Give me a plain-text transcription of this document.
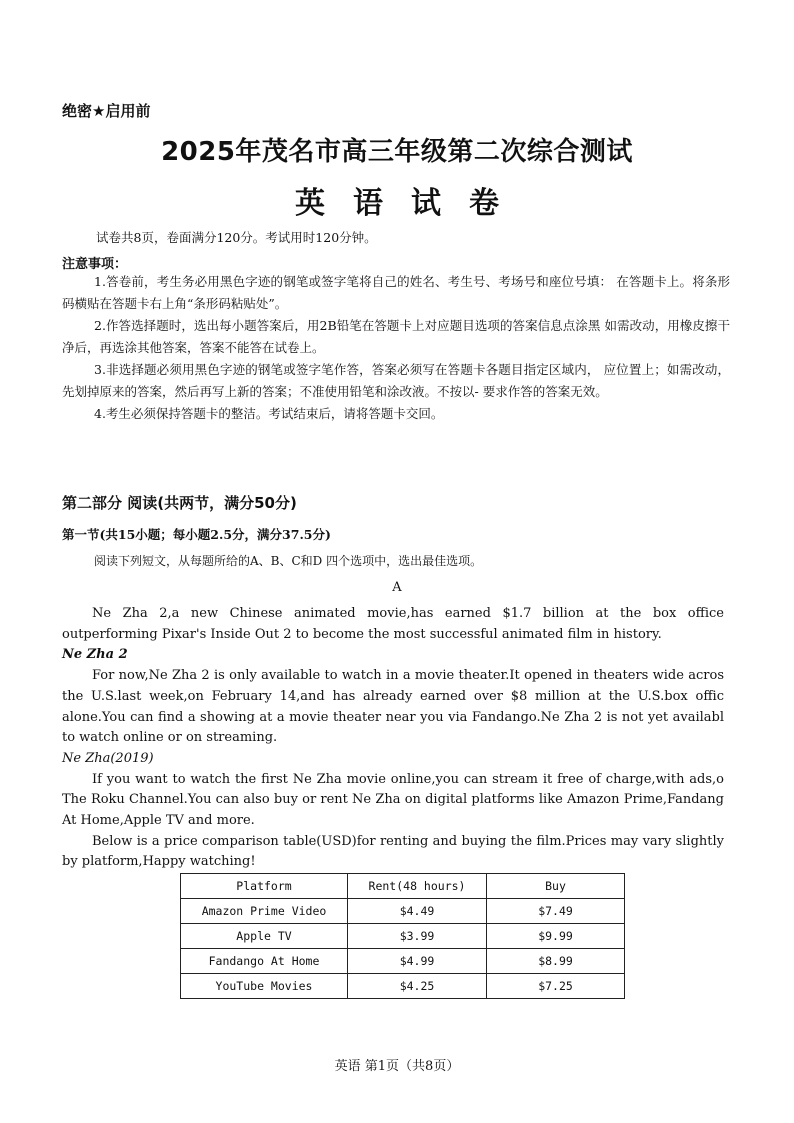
绝密★启用前
2025年茂名市高三年级第二次综合测试
英 语 试 卷
试卷共8页，卷面满分120分。考试用时120分钟。
注意事项：

1.答卷前，考生务必用黑色字迹的钢笔或签字笔将自己的姓名、考生号、考场号和座位号填： 在答题卡上。将条形码横贴在答题卡右上角“条形码粘贴处”。

2.作答选择题时，选出每小题答案后，用2B铅笔在答题卡上对应题目选项的答案信息点涂黑 如需改动，用橡皮擦干净后，再选涂其他答案，答案不能答在试卷上。

3.非选择题必须用黑色字迹的钢笔或签字笔作答，答案必须写在答题卡各题目指定区域内， 应位置上；如需改动，先划掉原来的答案，然后再写上新的答案；不准使用铅笔和涂改液。不按以- 要求作答的答案无效。

4.考生必须保持答题卡的整洁。考试结束后，请将答题卡交回。

第二部分 阅读(共两节，满分50分)
第一节(共15小题；每小题2.5分，满分37.5分)
阅读下列短文，从每题所给的A、B、C和D 四个选项中，选出最佳选项。
A

Ne Zha 2,a new Chinese animated movie,has earned $1.7 billion at the box office outperforming Pixar's Inside Out 2 to become the most successful animated film in history.

Ne Zha 2

For now,Ne Zha 2 is only available to watch in a movie theater.It opened in theaters wide acros the U.S.last week,on February 14,and has already earned over $8 million at the U.S.box offic alone.You can find a showing at a movie theater near you via Fandango.Ne Zha 2 is not yet availabl to watch online or on streaming.

Ne Zha(2019)

If you want to watch the first Ne Zha movie online,you can stream it free of charge,with ads,o The Roku Channel.You can also buy or rent Ne Zha on digital platforms like Amazon Prime,Fandang At Home,Apple TV and more.

Below is a price comparison table(USD)for renting and buying the film.Prices may vary slightly by platform,Happy watching!

Platform	Rent(48 hours)	Buy
Amazon Prime Video	$4.49	$7.49
Apple TV	$3.99	$9.99
Fandango At Home	$4.99	$8.99
YouTube Movies	$4.25	$7.25
英语 第1页（共8页）
